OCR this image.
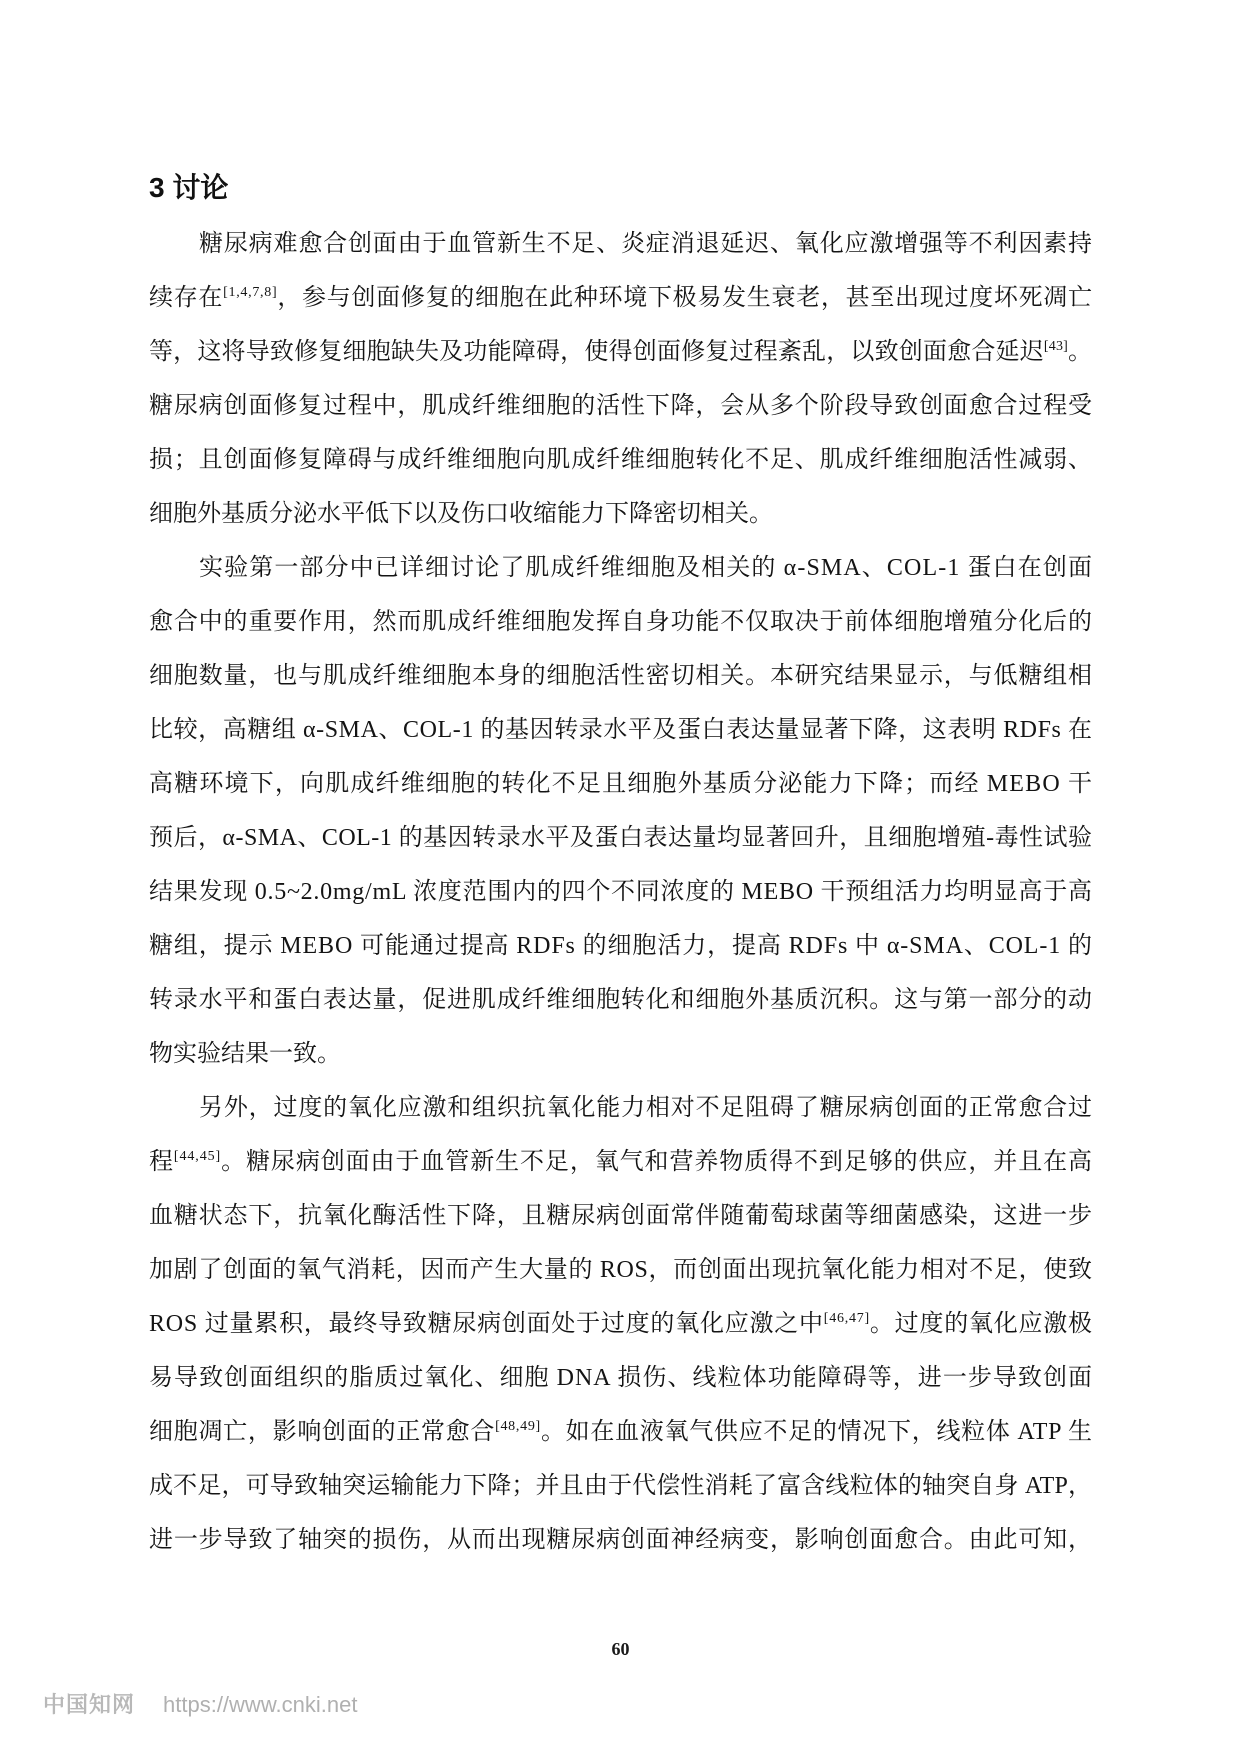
3 讨论
糖尿病难愈合创面由于血管新生不足、炎症消退延迟、氧化应激增强等不利因素持
续存在[1,4,7,8]，参与创面修复的细胞在此种环境下极易发生衰老，甚至出现过度坏死凋亡
等，这将导致修复细胞缺失及功能障碍，使得创面修复过程紊乱，以致创面愈合延迟[43]。
糖尿病创面修复过程中，肌成纤维细胞的活性下降，会从多个阶段导致创面愈合过程受
损；且创面修复障碍与成纤维细胞向肌成纤维细胞转化不足、肌成纤维细胞活性减弱、
细胞外基质分泌水平低下以及伤口收缩能力下降密切相关。
实验第一部分中已详细讨论了肌成纤维细胞及相关的 α-SMA、COL-1 蛋白在创面
愈合中的重要作用，然而肌成纤维细胞发挥自身功能不仅取决于前体细胞增殖分化后的
细胞数量，也与肌成纤维细胞本身的细胞活性密切相关。本研究结果显示，与低糖组相
比较，高糖组 α-SMA、COL-1 的基因转录水平及蛋白表达量显著下降，这表明 RDFs 在
高糖环境下，向肌成纤维细胞的转化不足且细胞外基质分泌能力下降；而经 MEBO 干
预后，α-SMA、COL-1 的基因转录水平及蛋白表达量均显著回升，且细胞增殖-毒性试验
结果发现 0.5~2.0mg/mL 浓度范围内的四个不同浓度的 MEBO 干预组活力均明显高于高
糖组，提示 MEBO 可能通过提高 RDFs 的细胞活力，提高 RDFs 中 α-SMA、COL-1 的
转录水平和蛋白表达量，促进肌成纤维细胞转化和细胞外基质沉积。这与第一部分的动
物实验结果一致。
另外，过度的氧化应激和组织抗氧化能力相对不足阻碍了糖尿病创面的正常愈合过
程[44,45]。糖尿病创面由于血管新生不足，氧气和营养物质得不到足够的供应，并且在高
血糖状态下，抗氧化酶活性下降，且糖尿病创面常伴随葡萄球菌等细菌感染，这进一步
加剧了创面的氧气消耗，因而产生大量的 ROS，而创面出现抗氧化能力相对不足，使致
ROS 过量累积，最终导致糖尿病创面处于过度的氧化应激之中[46,47]。过度的氧化应激极
易导致创面组织的脂质过氧化、细胞 DNA 损伤、线粒体功能障碍等，进一步导致创面
细胞凋亡，影响创面的正常愈合[48,49]。如在血液氧气供应不足的情况下，线粒体 ATP 生
成不足，可导致轴突运输能力下降；并且由于代偿性消耗了富含线粒体的轴突自身 ATP，
进一步导致了轴突的损伤，从而出现糖尿病创面神经病变，影响创面愈合。由此可知，
60
中国知网 https://www.cnki.net
